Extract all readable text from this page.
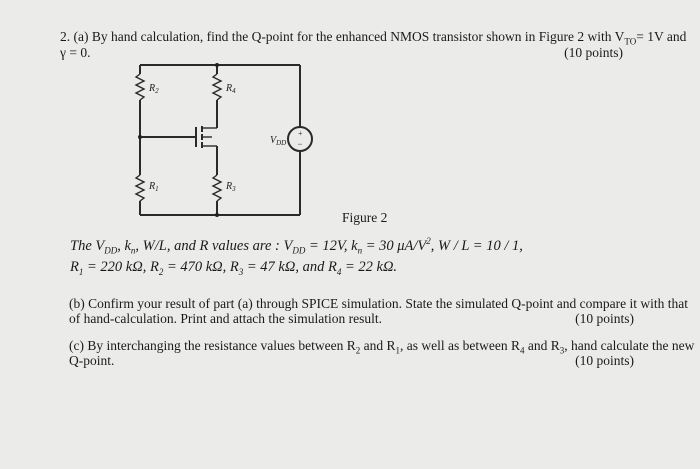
2. (a) By hand calculation, find the Q-point for the enhanced NMOS transistor shown in Figure 2 with $V_{TO}= 1V$ and
γ = 0.	(10 points)
+
−
$R_2$	$R_4$
$R_1$	$R_3$
$V_{DD}$
Figure 2
The $V_{DD}$, $k_n$, W/L, and R values are : $V_{DD} = 12V$, $k_n = 30$ $\mu A/V^2$, W / L = 10 / 1,
$R_1 = 220$ kΩ, $R_2 = 470$ kΩ, $R_3 = 47$ kΩ, and $R_4 = 22$ kΩ.
(b) Confirm your result of part (a) through SPICE simulation. State the simulated Q-point and compare it with that
of hand-calculation. Print and attach the simulation result.	(10 points)
(c) By interchanging the resistance values between $R_2$ and $R_1$, as well as between $R_4$ and $R_3$, hand calculate the new
Q-point.	(10 points)
